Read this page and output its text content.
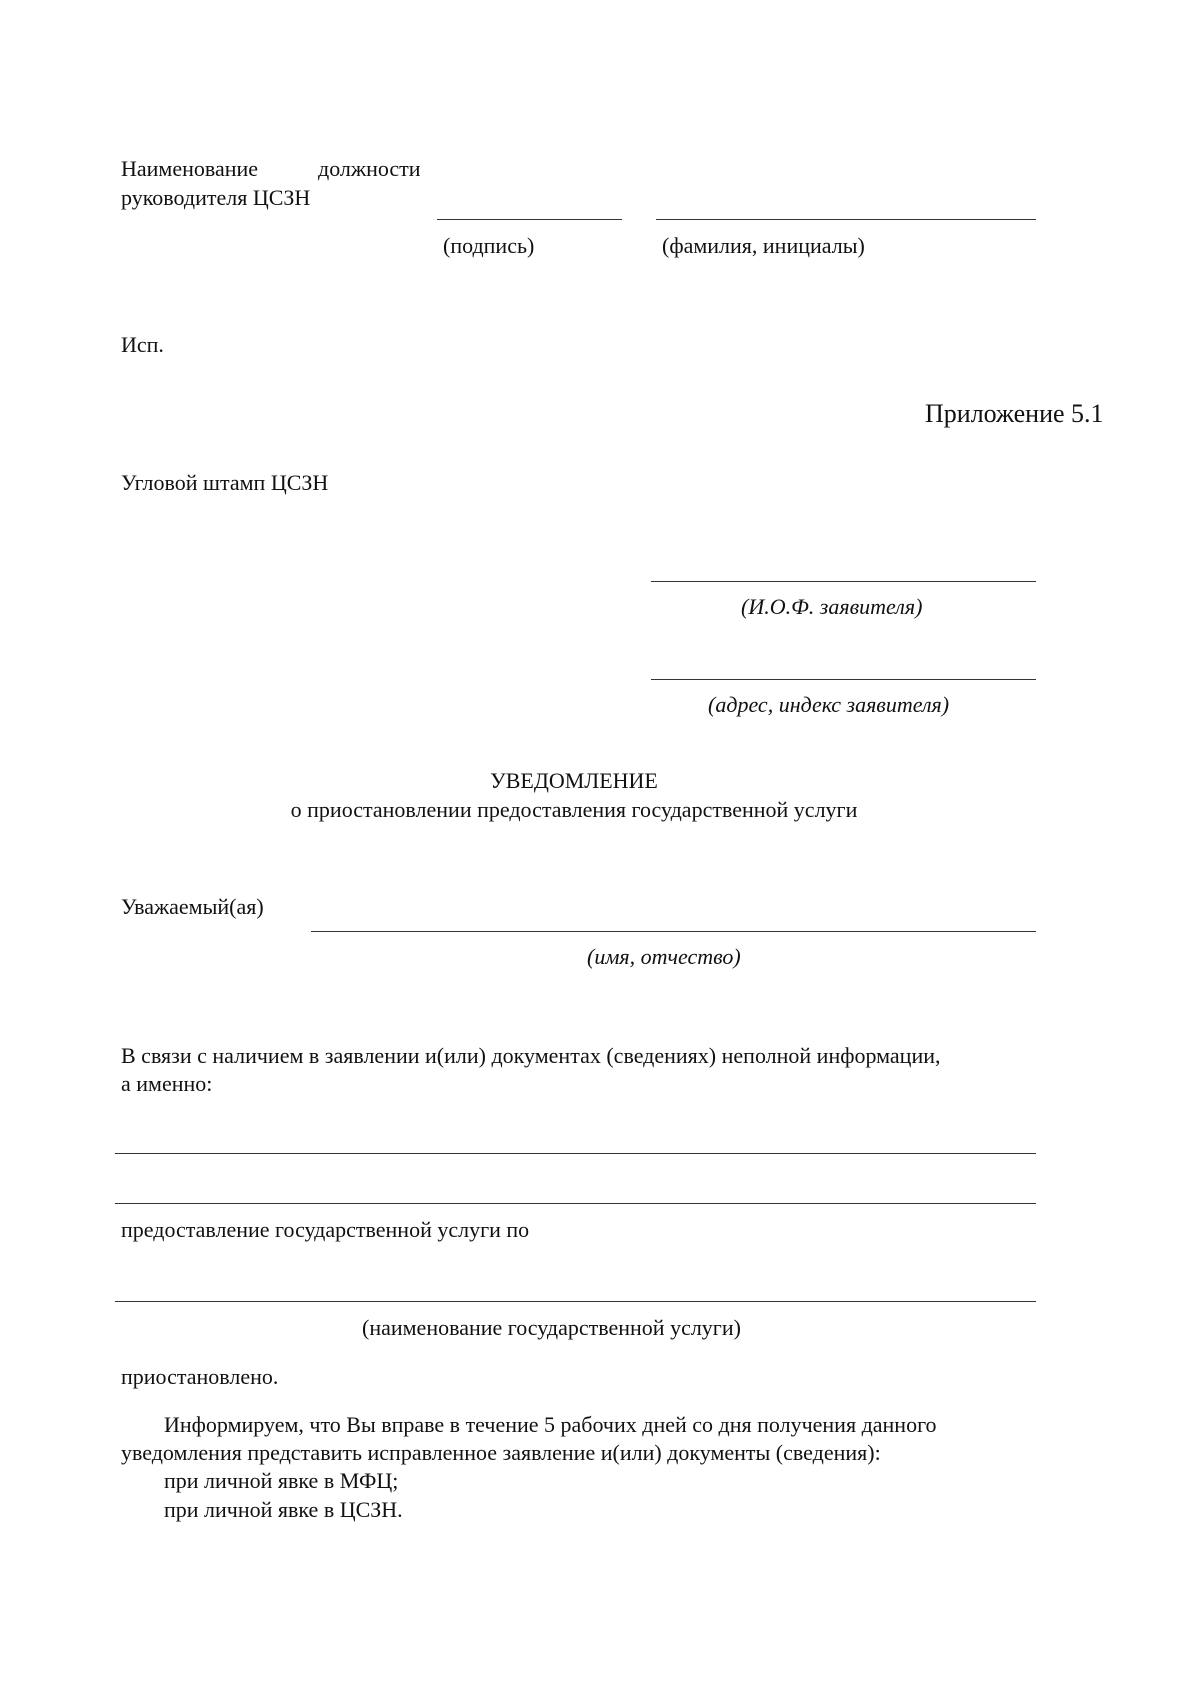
Наименование	должности
руководителя ЦСЗН
(подпись)	(фамилия, инициалы)
Исп.
Приложение 5.1
Угловой штамп ЦСЗН
(И.О.Ф. заявителя)
(адрес, индекс заявителя)
УВЕДОМЛЕНИЕ
о приостановлении предоставления государственной услуги
Уважаемый(ая)
(имя, отчество)
В связи с наличием в заявлении и(или) документах (сведениях) неполной информации,
а именно:
предоставление государственной услуги по
(наименование государственной услуги)
приостановлено.
Информируем, что Вы вправе в течение 5 рабочих дней со дня получения данного
уведомления представить исправленное заявление и(или) документы (сведения):
при личной явке в МФЦ;
при личной явке в ЦСЗН.
